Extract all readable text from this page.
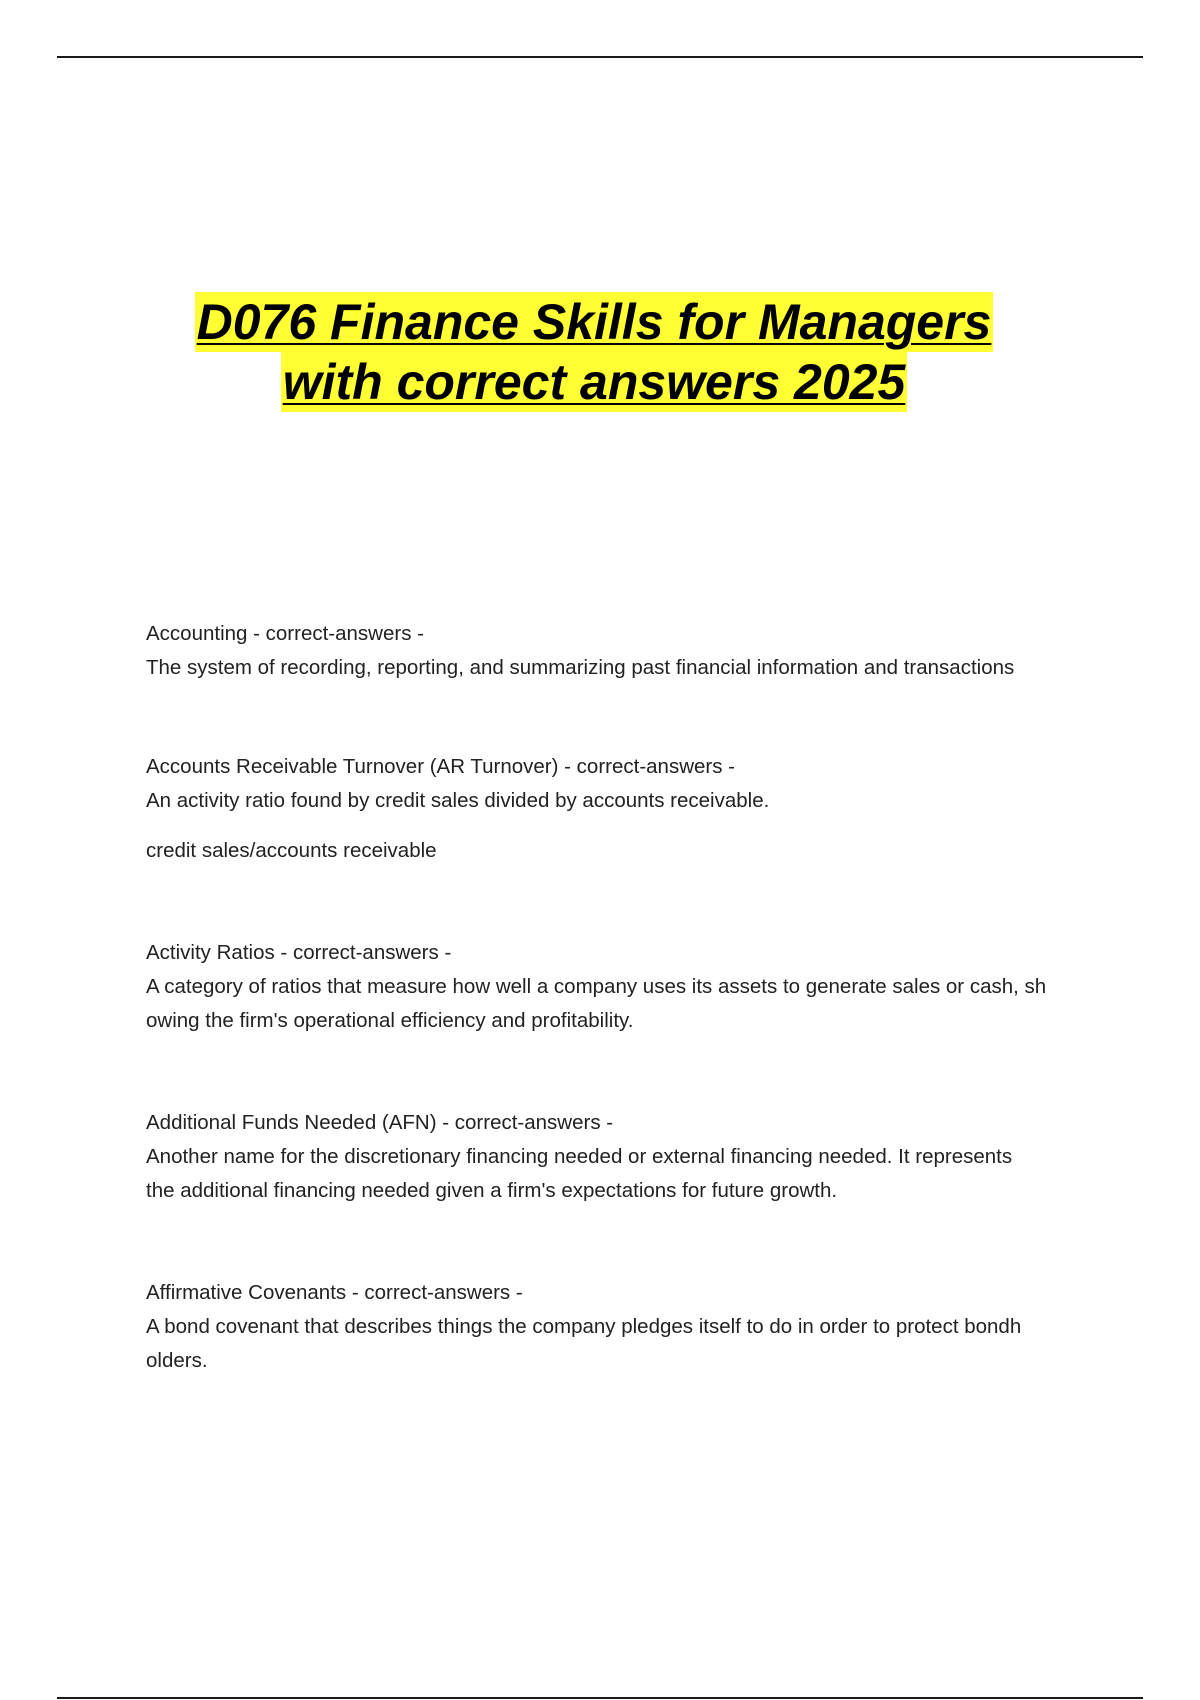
D076 Finance Skills for Managers
with correct answers 2025
Accounting - correct-answers -
The system of recording, reporting, and summarizing past financial information and transactions
Accounts Receivable Turnover (AR Turnover) - correct-answers -
An activity ratio found by credit sales divided by accounts receivable.
credit sales/accounts receivable
Activity Ratios - correct-answers -
A category of ratios that measure how well a company uses its assets to generate sales or cash, sh
owing the firm's operational efficiency and profitability.
Additional Funds Needed (AFN) - correct-answers -
Another name for the discretionary financing needed or external financing needed. It represents
the additional financing needed given a firm's expectations for future growth.
Affirmative Covenants - correct-answers -
A bond covenant that describes things the company pledges itself to do in order to protect bondh
olders.
